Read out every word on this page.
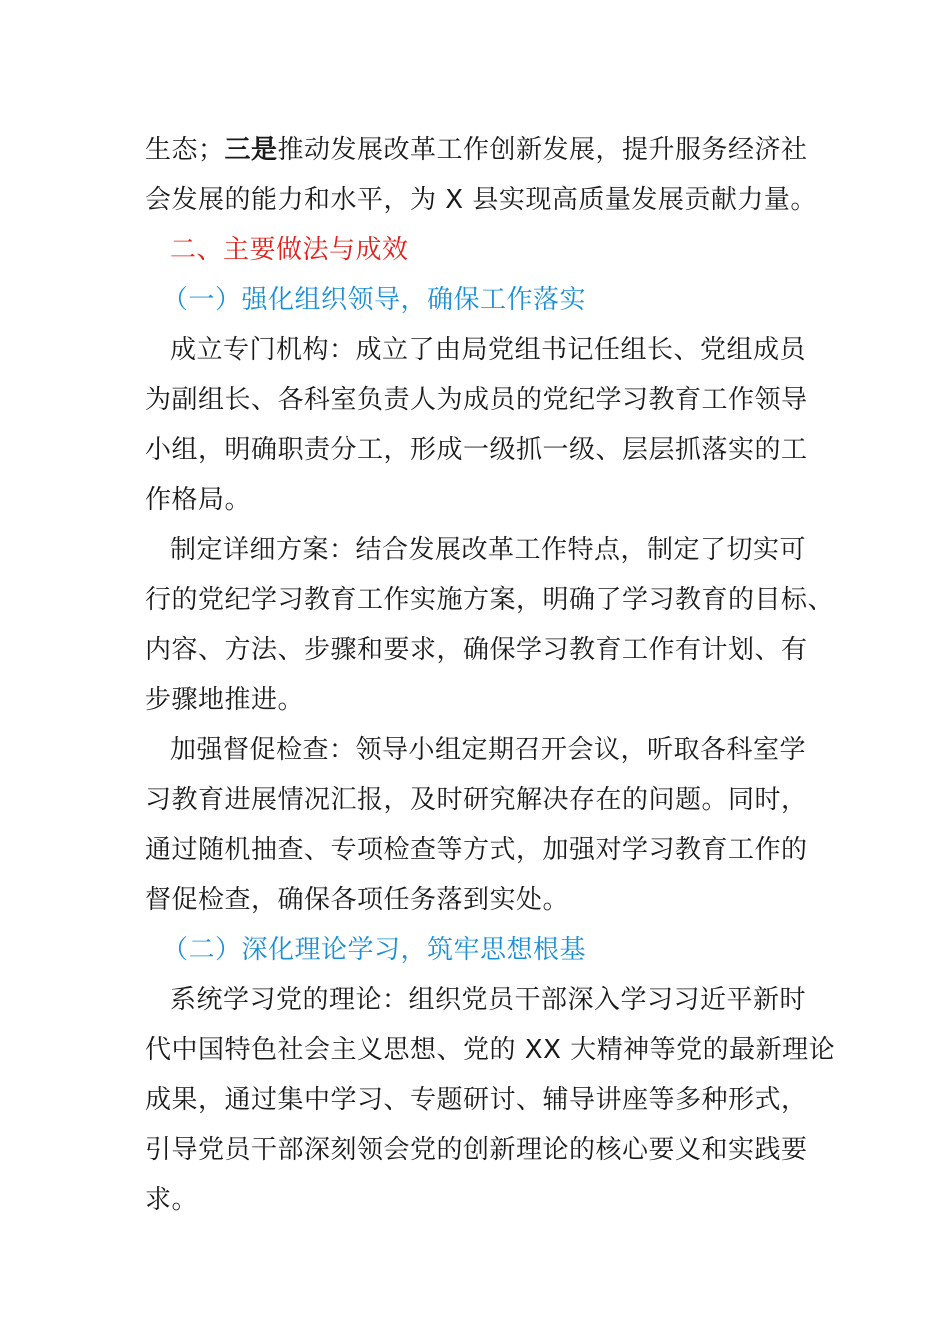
生态；三是推动发展改革工作创新发展，提升服务经济社
会发展的能力和水平，为 X 县实现高质量发展贡献力量。
二、主要做法与成效
（一）强化组织领导，确保工作落实
成立专门机构：成立了由局党组书记任组长、党组成员
为副组长、各科室负责人为成员的党纪学习教育工作领导
小组，明确职责分工，形成一级抓一级、层层抓落实的工
作格局。
制定详细方案：结合发展改革工作特点，制定了切实可
行的党纪学习教育工作实施方案，明确了学习教育的目标、
内容、方法、步骤和要求，确保学习教育工作有计划、有
步骤地推进。
加强督促检查：领导小组定期召开会议，听取各科室学
习教育进展情况汇报，及时研究解决存在的问题。同时，
通过随机抽查、专项检查等方式，加强对学习教育工作的
督促检查，确保各项任务落到实处。
（二）深化理论学习，筑牢思想根基
系统学习党的理论：组织党员干部深入学习习近平新时
代中国特色社会主义思想、党的 XX 大精神等党的最新理论
成果，通过集中学习、专题研讨、辅导讲座等多种形式，
引导党员干部深刻领会党的创新理论的核心要义和实践要
求。
